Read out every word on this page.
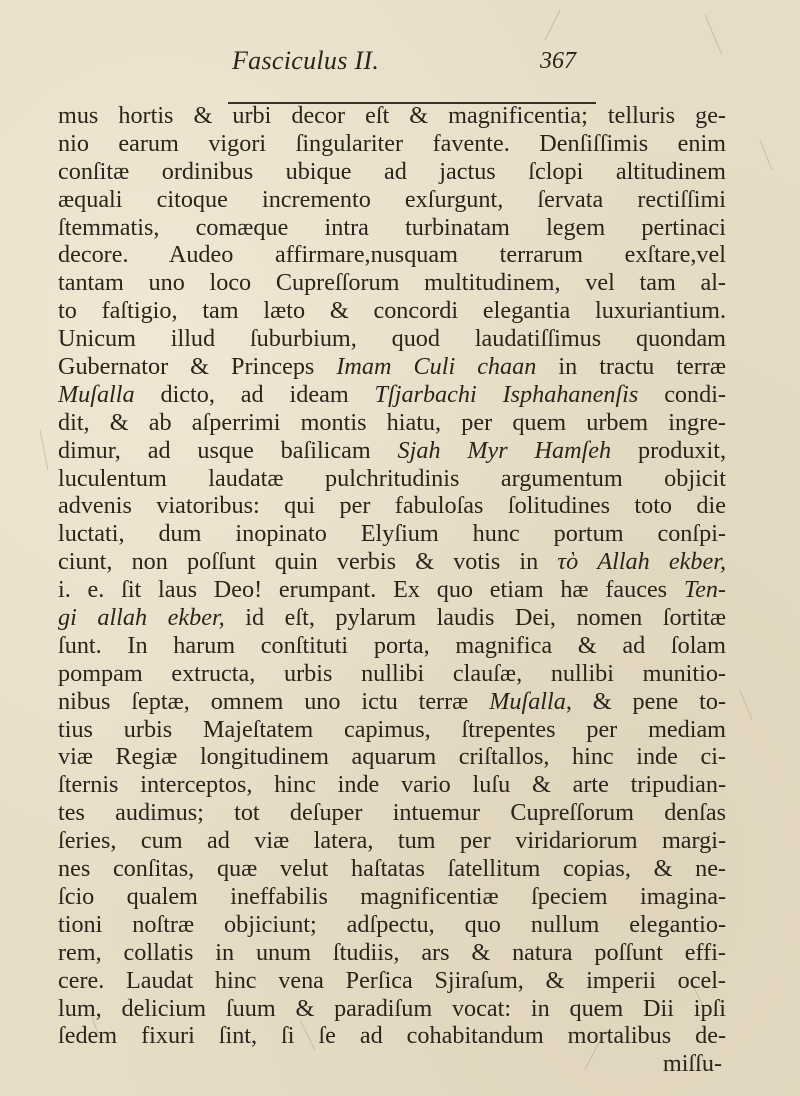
Fasciculus II.	367
mus hortis & urbi decor eſt & magnificentia; telluris ge-
nio earum vigori ſingulariter favente. Denſiſſimis enim
conſitæ ordinibus ubique ad jactus ſclopi altitudinem
æquali citoque incremento exſurgunt, ſervata rectiſſimi
ſtemmatis, comæque intra turbinatam legem pertinaci
decore. Audeo affirmare,nusquam terrarum exſtare,vel
tantam uno loco Cupreſſorum multitudinem, vel tam al-
to faſtigio, tam læto & concordi elegantia luxuriantium.
Unicum illud ſuburbium, quod laudatiſſimus quondam
Gubernator & Princeps Imam Culi chaan in tractu terræ
Muſalla dicto, ad ideam Tſjarbachi Isphahanenſis condi-
dit, & ab aſperrimi montis hiatu, per quem urbem ingre-
dimur, ad usque baſilicam Sjah Myr Hamſeh produxit,
luculentum laudatæ pulchritudinis argumentum objicit
advenis viatoribus: qui per fabuloſas ſolitudines toto die
luctati, dum inopinato Elyſium hunc portum conſpi-
ciunt, non poſſunt quin verbis & votis in τὸ Allah ekber,
i. e. ſit laus Deo! erumpant. Ex quo etiam hæ fauces Ten-
gi allah ekber, id eſt, pylarum laudis Dei, nomen ſortitæ
ſunt. In harum conſtituti porta, magnifica & ad ſolam
pompam extructa, urbis nullibi clauſæ, nullibi munitio-
nibus ſeptæ, omnem uno ictu terræ Muſalla, & pene to-
tius urbis Majeſtatem capimus, ſtrepentes per mediam
viæ Regiæ longitudinem aquarum criſtallos, hinc inde ci-
ſternis interceptos, hinc inde vario luſu & arte tripudian-
tes audimus; tot deſuper intuemur Cupreſſorum denſas
ſeries, cum ad viæ latera, tum per viridariorum margi-
nes conſitas, quæ velut haſtatas ſatellitum copias, & ne-
ſcio qualem ineffabilis magnificentiæ ſpeciem imagina-
tioni noſtræ objiciunt; adſpectu, quo nullum elegantio-
rem, collatis in unum ſtudiis, ars & natura poſſunt effi-
cere. Laudat hinc vena Perſica Sjiraſum, & imperii ocel-
lum, delicium ſuum & paradiſum vocat: in quem Dii ipſi
ſedem fixuri ſint, ſi ſe ad cohabitandum mortalibus de-
miſſu-
